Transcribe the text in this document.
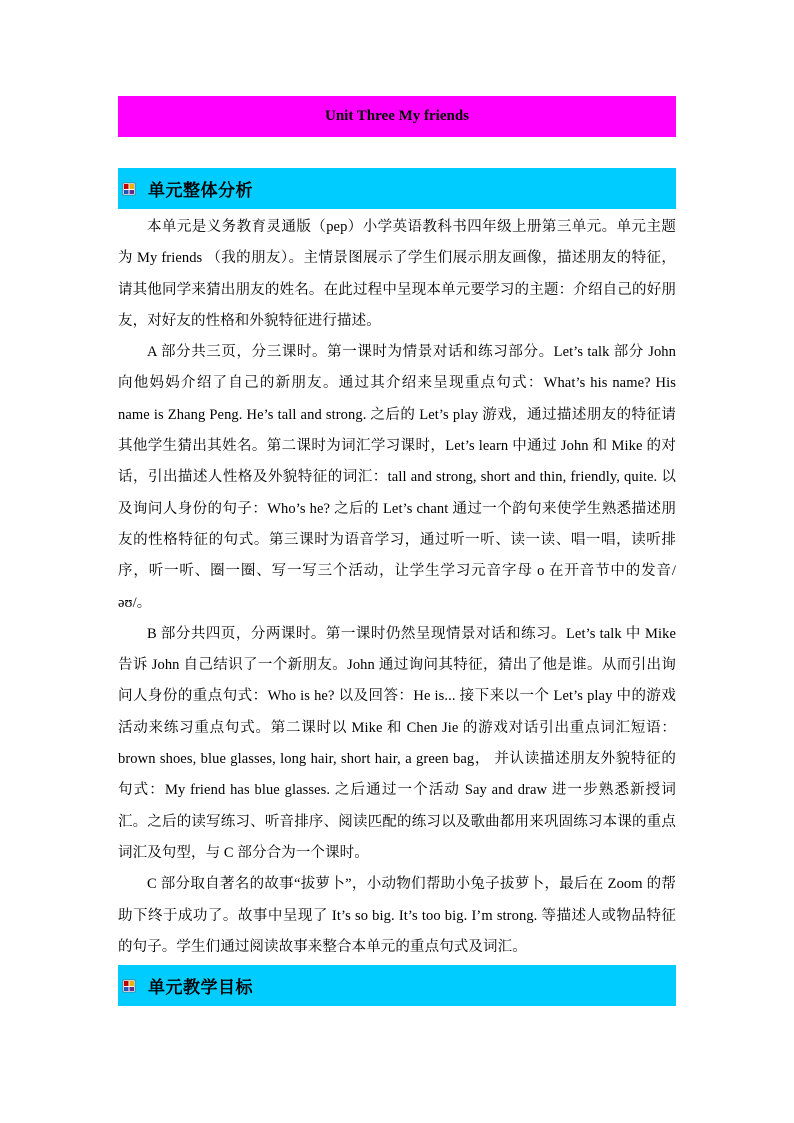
Unit Three My friends
单元整体分析

本单元是义务教育灵通版（pep）小学英语教科书四年级上册第三单元。单元主题为 My friends （我的朋友）。主情景图展示了学生们展示朋友画像，描述朋友的特征，请其他同学来猜出朋友的姓名。在此过程中呈现本单元要学习的主题：介绍自己的好朋友，对好友的性格和外貌特征进行描述。

A 部分共三页，分三课时。第一课时为情景对话和练习部分。Let’s talk 部分 John 向他妈妈介绍了自己的新朋友。通过其介绍来呈现重点句式：What’s his name? His name is Zhang Peng. He’s tall and strong. 之后的 Let’s play 游戏，通过描述朋友的特征请其他学生猜出其姓名。第二课时为词汇学习课时，Let’s learn 中通过 John 和 Mike 的对话，引出描述人性格及外貌特征的词汇：tall and strong, short and thin, friendly, quite. 以及询问人身份的句子：Who’s he? 之后的 Let’s chant 通过一个韵句来使学生熟悉描述朋友的性格特征的句式。第三课时为语音学习，通过听一听、读一读、唱一唱，读听排序，听一听、圈一圈、写一写三个活动，让学生学习元音字母 o 在开音节中的发音/ əʊ/。

B 部分共四页，分两课时。第一课时仍然呈现情景对话和练习。Let’s talk 中 Mike 告诉 John 自己结识了一个新朋友。John 通过询问其特征，猜出了他是谁。从而引出询问人身份的重点句式：Who is he? 以及回答：He is... 接下来以一个 Let’s play 中的游戏活动来练习重点句式。第二课时以 Mike 和 Chen Jie 的游戏对话引出重点词汇短语：brown shoes, blue glasses, long hair, short hair, a green bag， 并认读描述朋友外貌特征的句式：My friend has blue glasses. 之后通过一个活动 Say and draw 进一步熟悉新授词汇。之后的读写练习、听音排序、阅读匹配的练习以及歌曲都用来巩固练习本课的重点词汇及句型，与 C 部分合为一个课时。

C 部分取自著名的故事“拔萝卜”，小动物们帮助小兔子拔萝卜，最后在 Zoom 的帮助下终于成功了。故事中呈现了 It’s so big. It’s too big. I’m strong. 等描述人或物品特征的句子。学生们通过阅读故事来整合本单元的重点句式及词汇。

单元教学目标
